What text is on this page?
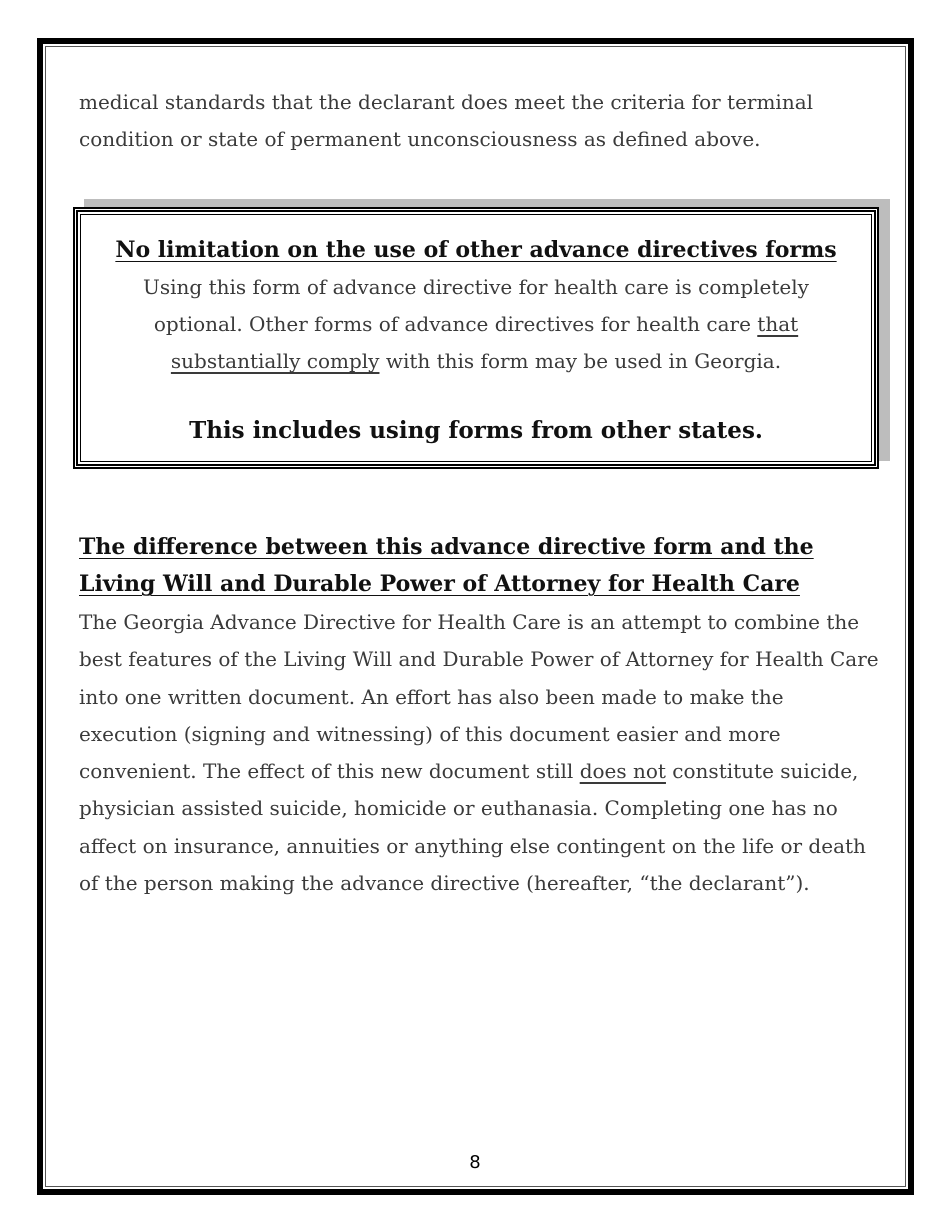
medical standards that the declarant does meet the criteria for terminal condition or state of permanent unconsciousness as defined above.

No limitation on the use of other advance directives forms

Using this form of advance directive for health care is completely optional. Other forms of advance directives for health care that substantially comply with this form may be used in Georgia.

This includes using forms from other states.

The difference between this advance directive form and the Living Will and Durable Power of Attorney for Health Care

The Georgia Advance Directive for Health Care is an attempt to combine the best features of the Living Will and Durable Power of Attorney for Health Care into one written document. An effort has also been made to make the execution (signing and witnessing) of this document easier and more convenient. The effect of this new document still does not constitute suicide, physician assisted suicide, homicide or euthanasia. Completing one has no affect on insurance, annuities or anything else contingent on the life or death of the person making the advance directive (hereafter, “the declarant”).

8
